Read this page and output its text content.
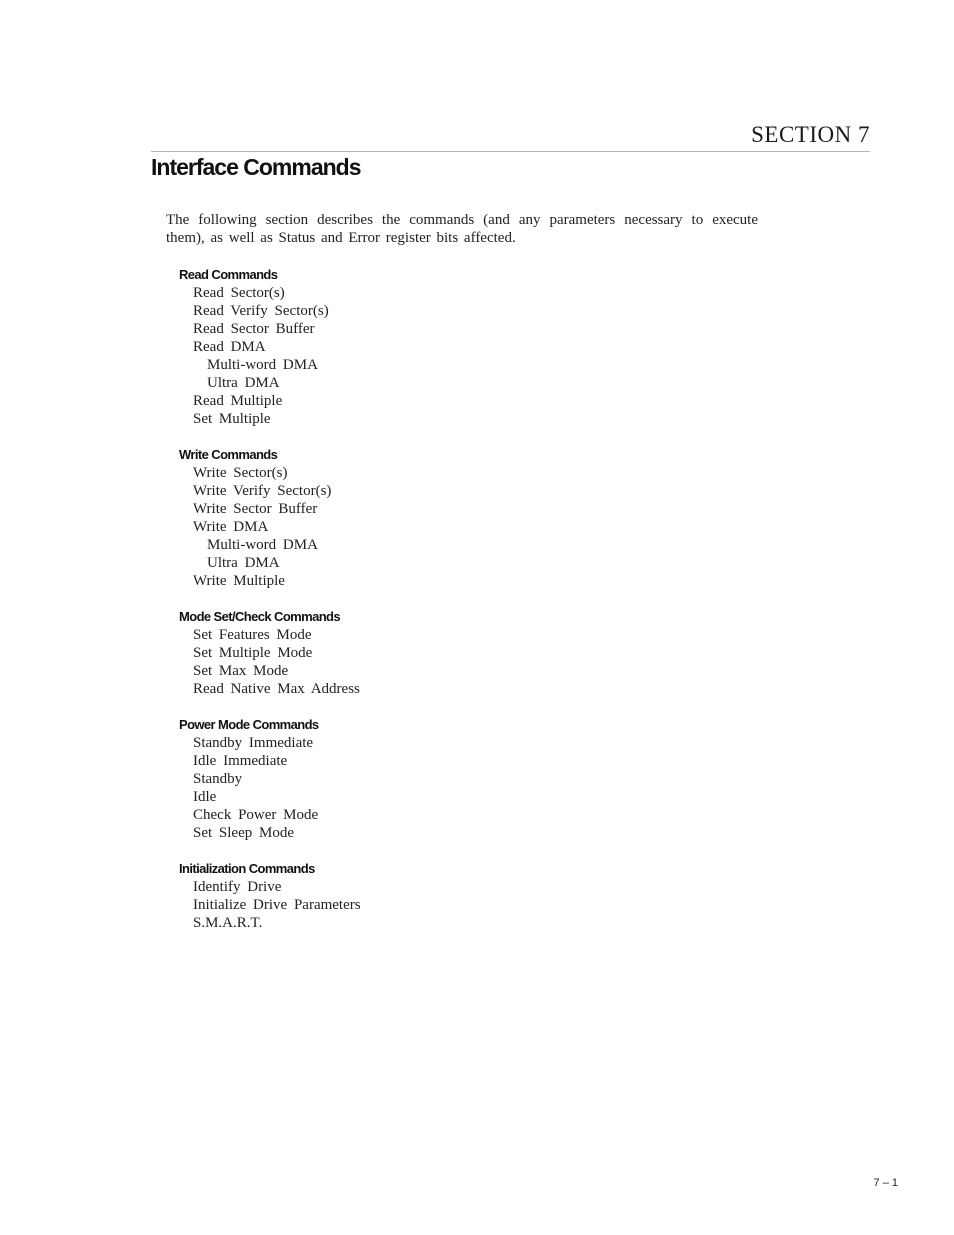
SECTION 7
Interface Commands

The following section describes the commands (and any parameters necessary to execute them), as well as Status and Error register bits affected.

Read Commands
Read Sector(s)
Read Verify Sector(s)
Read Sector Buffer
Read DMA
Multi-word DMA
Ultra DMA
Read Multiple
Set Multiple
Write Commands
Write Sector(s)
Write Verify Sector(s)
Write Sector Buffer
Write DMA
Multi-word DMA
Ultra DMA
Write Multiple
Mode Set/Check Commands
Set Features Mode
Set Multiple Mode
Set Max Mode
Read Native Max Address
Power Mode Commands
Standby Immediate
Idle Immediate
Standby
Idle
Check Power Mode
Set Sleep Mode
Initialization Commands
Identify Drive
Initialize Drive Parameters
S.M.A.R.T.
7 – 1
